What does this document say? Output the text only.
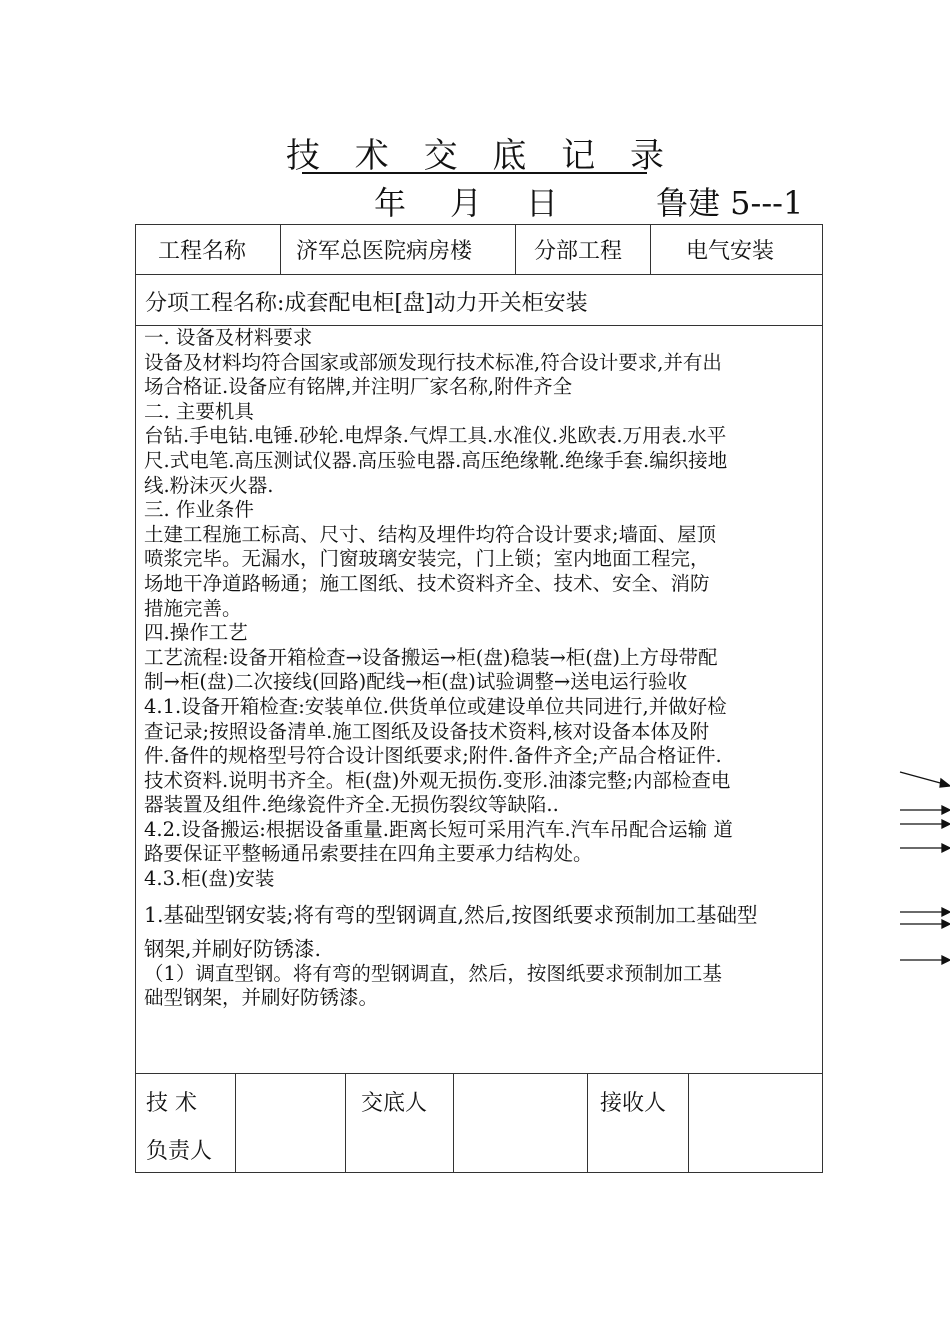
技 术 交 底 记 录
年 月 日	鲁建 5---1
工程名称 济军总医院病房楼	分部工程	电气安装
分项工程名称:成套配电柜[盘]动力开关柜安装
一. 设备及材料要求
设备及材料均符合国家或部颁发现行技术标准,符合设计要求,并有出
场合格证.设备应有铭牌,并注明厂家名称,附件齐全
二. 主要机具
台钻.手电钻.电锤.砂轮.电焊条.气焊工具.水准仪.兆欧表.万用表.水平
尺.式电笔.高压测试仪器.高压验电器.高压绝缘靴.绝缘手套.编织接地
线.粉沫灭火器.
三. 作业条件
土建工程施工标高、尺寸、结构及埋件均符合设计要求;墙面、屋顶
喷浆完毕。无漏水，门窗玻璃安装完，门上锁；室内地面工程完，
场地干净道路畅通；施工图纸、技术资料齐全、技术、安全、消防
措施完善。
四.操作工艺
工艺流程:设备开箱检查→设备搬运→柜(盘)稳装→柜(盘)上方母带配
制→柜(盘)二次接线(回路)配线→柜(盘)试验调整→送电运行验收
4.1.设备开箱检查:安装单位.供货单位或建设单位共同进行,并做好检
查记录;按照设备清单.施工图纸及设备技术资料,核对设备本体及附
件.备件的规格型号符合设计图纸要求;附件.备件齐全;产品合格证件.
技术资料.说明书齐全。柜(盘)外观无损伤.变形.油漆完整;内部检查电
器装置及组件.绝缘瓷件齐全.无损伤裂纹等缺陷..
4.2.设备搬运:根据设备重量.距离长短可采用汽车.汽车吊配合运输 道
路要保证平整畅通吊索要挂在四角主要承力结构处。
4.3.柜(盘)安装
1.基础型钢安装;将有弯的型钢调直,然后,按图纸要求预制加工基础型
钢架,并刷好防锈漆.
（1）调直型钢。将有弯的型钢调直，然后，按图纸要求预制加工基
础型钢架，并刷好防锈漆。
技 术
负责人
交底人	接收人
